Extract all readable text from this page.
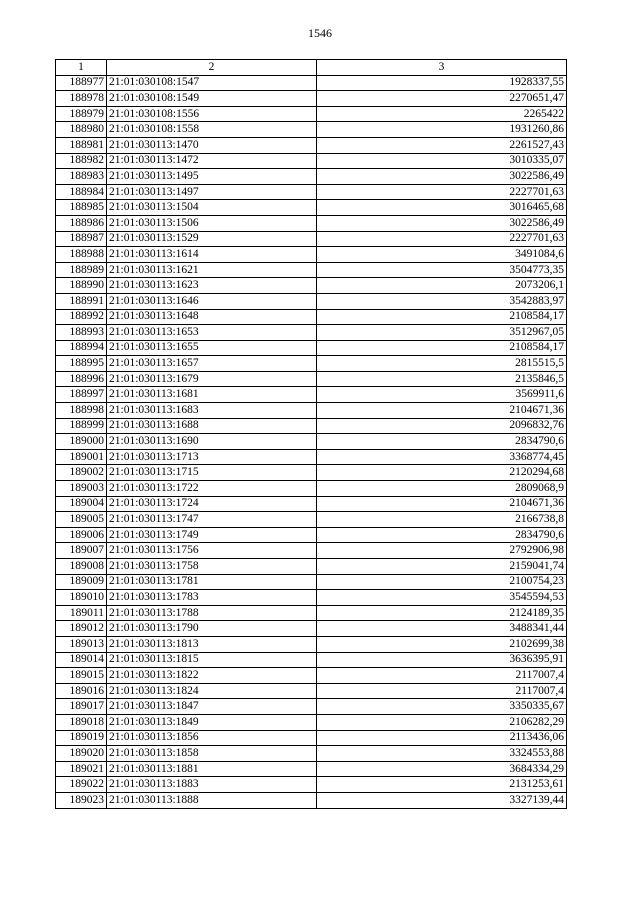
1546
1	2	3
188977	21:01:030108:1547	1928337,55
188978	21:01:030108:1549	2270651,47
188979	21:01:030108:1556	2265422
188980	21:01:030108:1558	1931260,86
188981	21:01:030113:1470	2261527,43
188982	21:01:030113:1472	3010335,07
188983	21:01:030113:1495	3022586,49
188984	21:01:030113:1497	2227701,63
188985	21:01:030113:1504	3016465,68
188986	21:01:030113:1506	3022586,49
188987	21:01:030113:1529	2227701,63
188988	21:01:030113:1614	3491084,6
188989	21:01:030113:1621	3504773,35
188990	21:01:030113:1623	2073206,1
188991	21:01:030113:1646	3542883,97
188992	21:01:030113:1648	2108584,17
188993	21:01:030113:1653	3512967,05
188994	21:01:030113:1655	2108584,17
188995	21:01:030113:1657	2815515,5
188996	21:01:030113:1679	2135846,5
188997	21:01:030113:1681	3569911,6
188998	21:01:030113:1683	2104671,36
188999	21:01:030113:1688	2096832,76
189000	21:01:030113:1690	2834790,6
189001	21:01:030113:1713	3368774,45
189002	21:01:030113:1715	2120294,68
189003	21:01:030113:1722	2809068,9
189004	21:01:030113:1724	2104671,36
189005	21:01:030113:1747	2166738,8
189006	21:01:030113:1749	2834790,6
189007	21:01:030113:1756	2792906,98
189008	21:01:030113:1758	2159041,74
189009	21:01:030113:1781	2100754,23
189010	21:01:030113:1783	3545594,53
189011	21:01:030113:1788	2124189,35
189012	21:01:030113:1790	3488341,44
189013	21:01:030113:1813	2102699,38
189014	21:01:030113:1815	3636395,91
189015	21:01:030113:1822	2117007,4
189016	21:01:030113:1824	2117007,4
189017	21:01:030113:1847	3350335,67
189018	21:01:030113:1849	2106282,29
189019	21:01:030113:1856	2113436,06
189020	21:01:030113:1858	3324553,88
189021	21:01:030113:1881	3684334,29
189022	21:01:030113:1883	2131253,61
189023	21:01:030113:1888	3327139,44
